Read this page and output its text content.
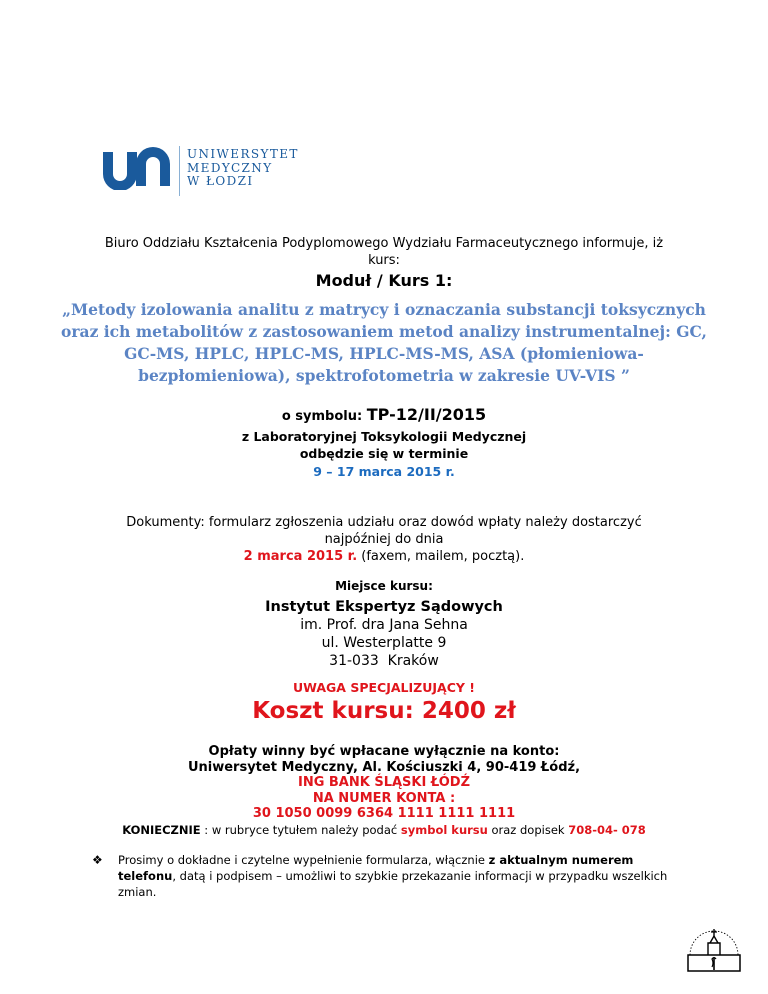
UNIWERSYTET
MEDYCZNY
W ŁODZI
Biuro Oddziału Kształcenia Podyplomowego Wydziału Farmaceutycznego informuje, iż
kurs:
Moduł / Kurs 1:
„Metody izolowania analitu z matrycy i oznaczania substancji toksycznych oraz ich metabolitów z zastosowaniem metod analizy instrumentalnej: GC, GC-MS, HPLC, HPLC-MS, HPLC-MS-MS, ASA (płomieniowa-bezpłomieniowa), spektrofotometria w zakresie UV-VIS ”
o symbolu: TP-12/II/2015
z Laboratoryjnej Toksykologii Medycznej
odbędzie się w terminie
9 – 17 marca 2015 r.
Dokumenty: formularz zgłoszenia udziału oraz dowód wpłaty należy dostarczyć
najpóźniej do dnia
2 marca 2015 r. (faxem, mailem, pocztą).
Miejsce kursu:
Instytut Ekspertyz Sądowych
im. Prof. dra Jana Sehna
ul. Westerplatte 9
31-033  Kraków
UWAGA SPECJALIZUJĄCY !
Koszt kursu: 2400 zł
Opłaty winny być wpłacane wyłącznie na konto:
Uniwersytet Medyczny, Al. Kościuszki 4, 90-419 Łódź,
ING BANK ŚLĄSKI ŁÓDŹ
NA NUMER KONTA :
30 1050 0099 6364 1111 1111 1111
KONIECZNIE : w rubryce tytułem należy podać symbol kursu oraz dopisek 708-04- 078
❖	Prosimy o dokładne i czytelne wypełnienie formularza, włącznie z aktualnym numerem telefonu, datą i podpisem – umożliwi to szybkie przekazanie informacji w przypadku wszelkich zmian.
